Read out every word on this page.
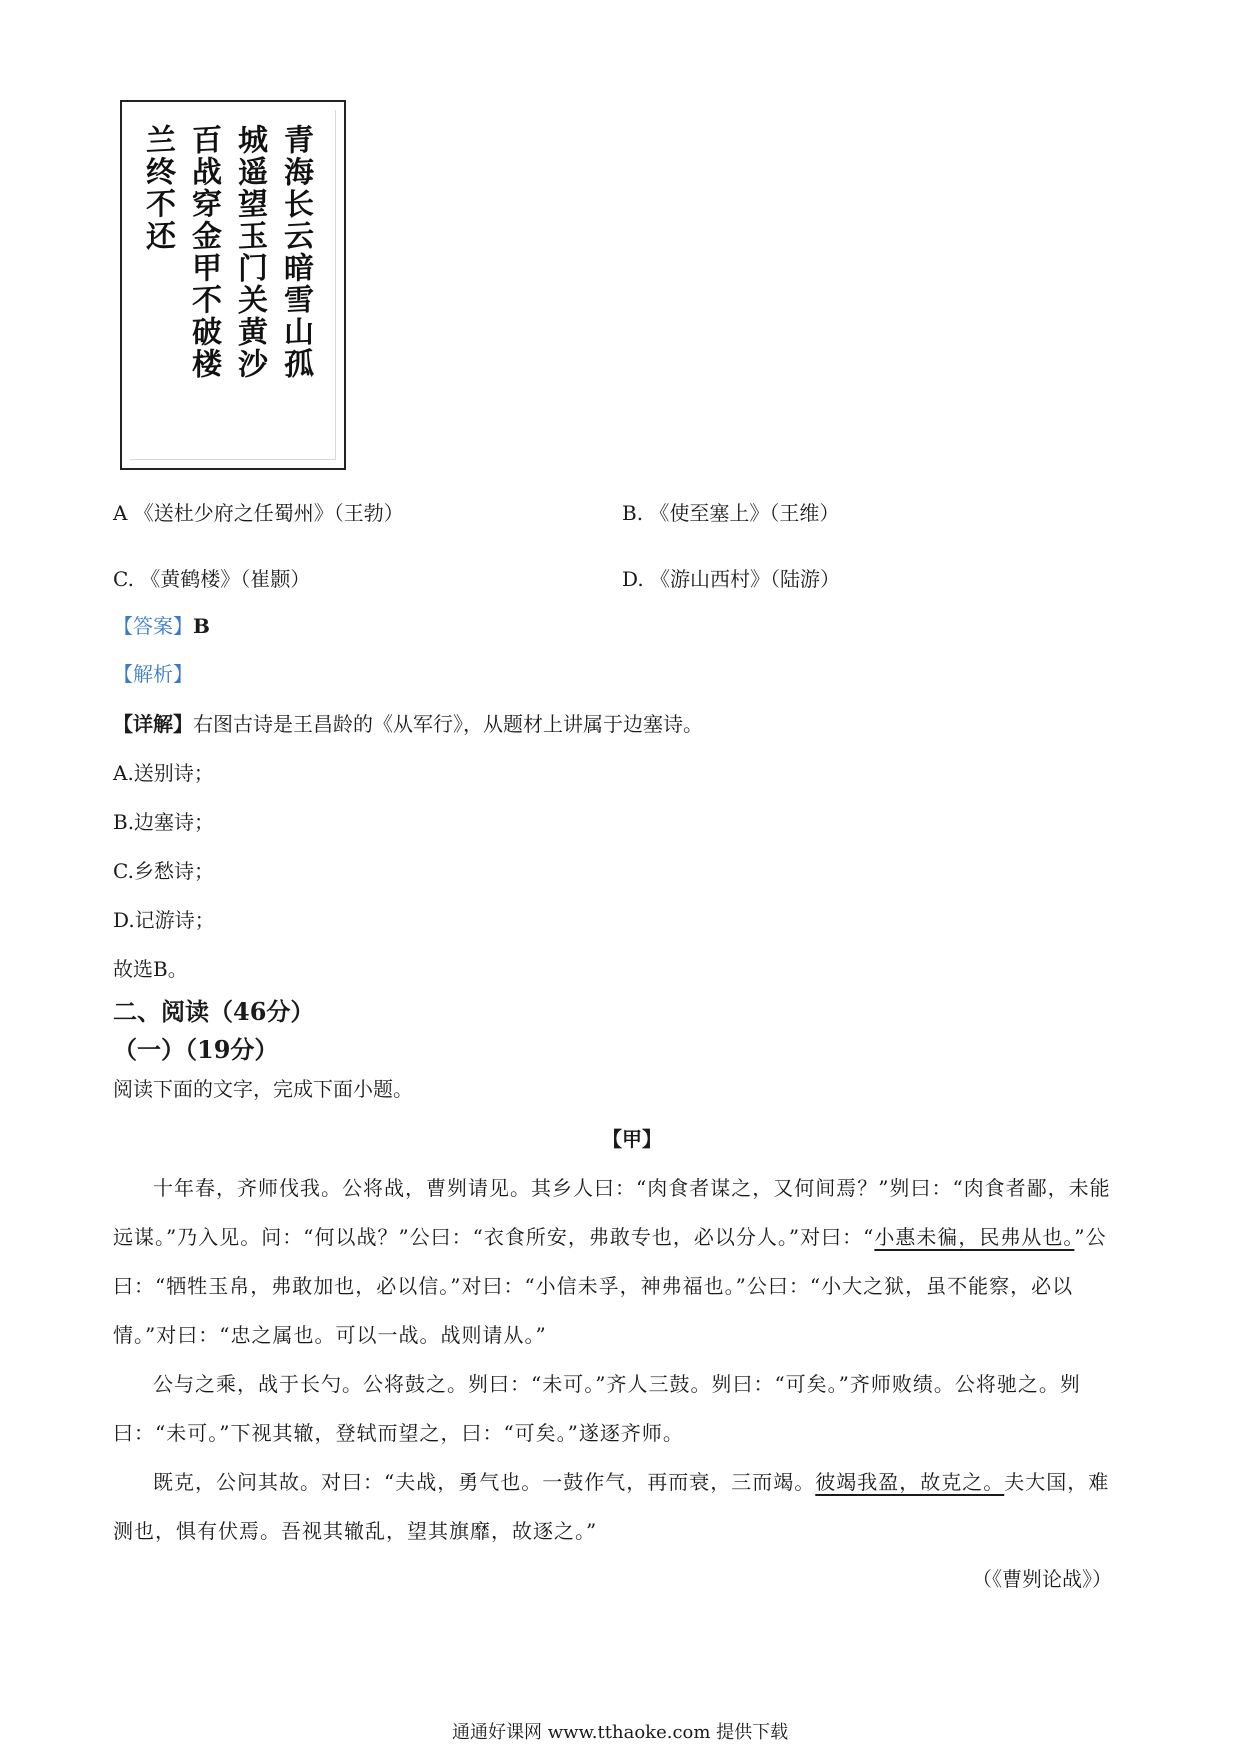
青海长云暗雪山孤
城遥望玉门关黄沙
百战穿金甲不破楼
兰终不还
A 《送杜少府之任蜀州》（王勃）	B. 《使至塞上》（王维）
C. 《黄鹤楼》（崔颢）	D. 《游山西村》（陆游）
【答案】B
【解析】
【详解】右图古诗是王昌龄的《从军行》，从题材上讲属于边塞诗。
A.送别诗；
B.边塞诗；
C.乡愁诗；
D.记游诗；
故选B。
二、阅读（46分）
（一）（19分）
阅读下面的文字，完成下面小题。
【甲】
十年春，齐师伐我。公将战，曹刿请见。其乡人曰：“肉食者谋之，又何间焉？”刿曰：“肉食者鄙，未能远谋。”乃入见。问：“何以战？”公曰：“衣食所安，弗敢专也，必以分人。”对曰：“小惠未徧，民弗从也。”公曰：“牺牲玉帛，弗敢加也，必以信。”对曰：“小信未孚，神弗福也。”公曰：“小大之狱，虽不能察，必以情。”对曰：“忠之属也。可以一战。战则请从。”
公与之乘，战于长勺。公将鼓之。刿曰：“未可。”齐人三鼓。刿曰：“可矣。”齐师败绩。公将驰之。刿曰：“未可。”下视其辙，登轼而望之，曰：“可矣。”遂逐齐师。
既克，公问其故。对曰：“夫战，勇气也。一鼓作气，再而衰，三而竭。彼竭我盈，故克之。夫大国，难测也，惧有伏焉。吾视其辙乱，望其旗靡，故逐之。”
（《曹刿论战》）
通通好课网 www.tthaoke.com 提供下载
